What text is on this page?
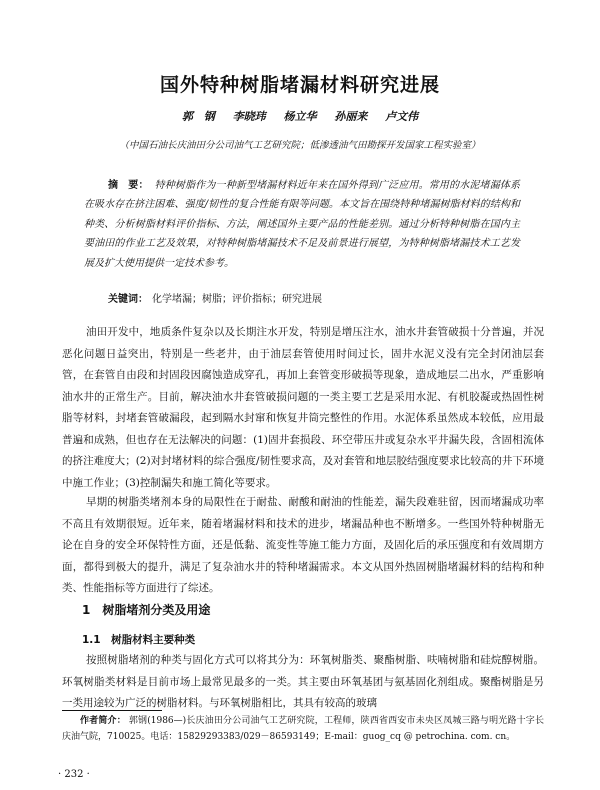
国外特种树脂堵漏材料研究进展

郭　钢 李晓玮 杨立华 孙丽来 卢文伟

（中国石油长庆油田分公司油气工艺研究院；低渗透油气田勘探开发国家工程实验室）

摘　要： 特种树脂作为一种新型堵漏材料近年来在国外得到广泛应用。常用的水泥堵漏体系在吸水存在挤注困难、强度/韧性的复合性能有限等问题。本文旨在围绕特种堵漏树脂材料的结构和种类、分析树脂材料评价指标、方法，阐述国外主要产品的性能差别。通过分析特种树脂在国内主要油田的作业工艺及效果，对特种树脂堵漏技术不足及前景进行展望，为特种树脂堵漏技术工艺发展及扩大使用提供一定技术参考。

关键词： 化学堵漏；树脂；评价指标；研究进展

油田开发中，地质条件复杂以及长期注水开发，特别是增压注水，油水井套管破损十分普遍，并况恶化问题日益突出，特别是一些老井，由于油层套管使用时间过长，固井水泥义没有完全封闭油层套管，在套管自由段和封固段因腐蚀造成穿孔，再加上套管变形破损等现象，造成地层二出水，严重影响油水井的正常生产。目前，解决油水井套管破损问题的一类主要工艺是采用水泥、有机胶凝或热固性树脂等材料，封堵套管破漏段，起到隔水封窜和恢复井筒完整性的作用。水泥体系虽然成本较低，应用最普遍和成熟，但也存在无法解决的问题：(1)固井套损段、环空带压井或复杂水平井漏失段，含固相流体的挤注难度大；(2)对封堵材料的综合强度/韧性要求高，及对套管和地层胶结强度要求比较高的井下环境中施工作业；(3)控制漏失和施工简化等要求。

早期的树脂类堵剂本身的局限性在于耐盐、耐酸和耐油的性能差，漏失段难驻留，因而堵漏成功率不高且有效期很短。近年来，随着堵漏材料和技术的进步，堵漏品种也不断增多。一些国外特种树脂无论在自身的安全环保特性方面，还是低黏、流变性等施工能力方面，及固化后的承压强度和有效周期方面，都得到极大的提升，满足了复杂油水井的特种堵漏需求。本文从国外热固树脂堵漏材料的结构和种类、性能指标等方面进行了综述。

1　树脂堵剂分类及用途
1.1　树脂材料主要种类

按照树脂堵剂的种类与固化方式可以将其分为：环氧树脂类、聚酯树脂、呋喃树脂和硅烷醇树脂。环氧树脂类材料是目前市场上最常见最多的一类。其主要由环氧基团与氨基固化剂组成。聚酯树脂是另一类用途较为广泛的树脂材料。与环氧树脂相比，其具有较高的玻璃

作者简介： 郭钢(1986—)长庆油田分公司油气工艺研究院，工程师，陕西省西安市未央区凤城三路与明光路十字长庆油气院，710025。电话：15829293383/029－86593149；E-mail：guog_cq @ petrochina. com. cn。

· 232 ·
